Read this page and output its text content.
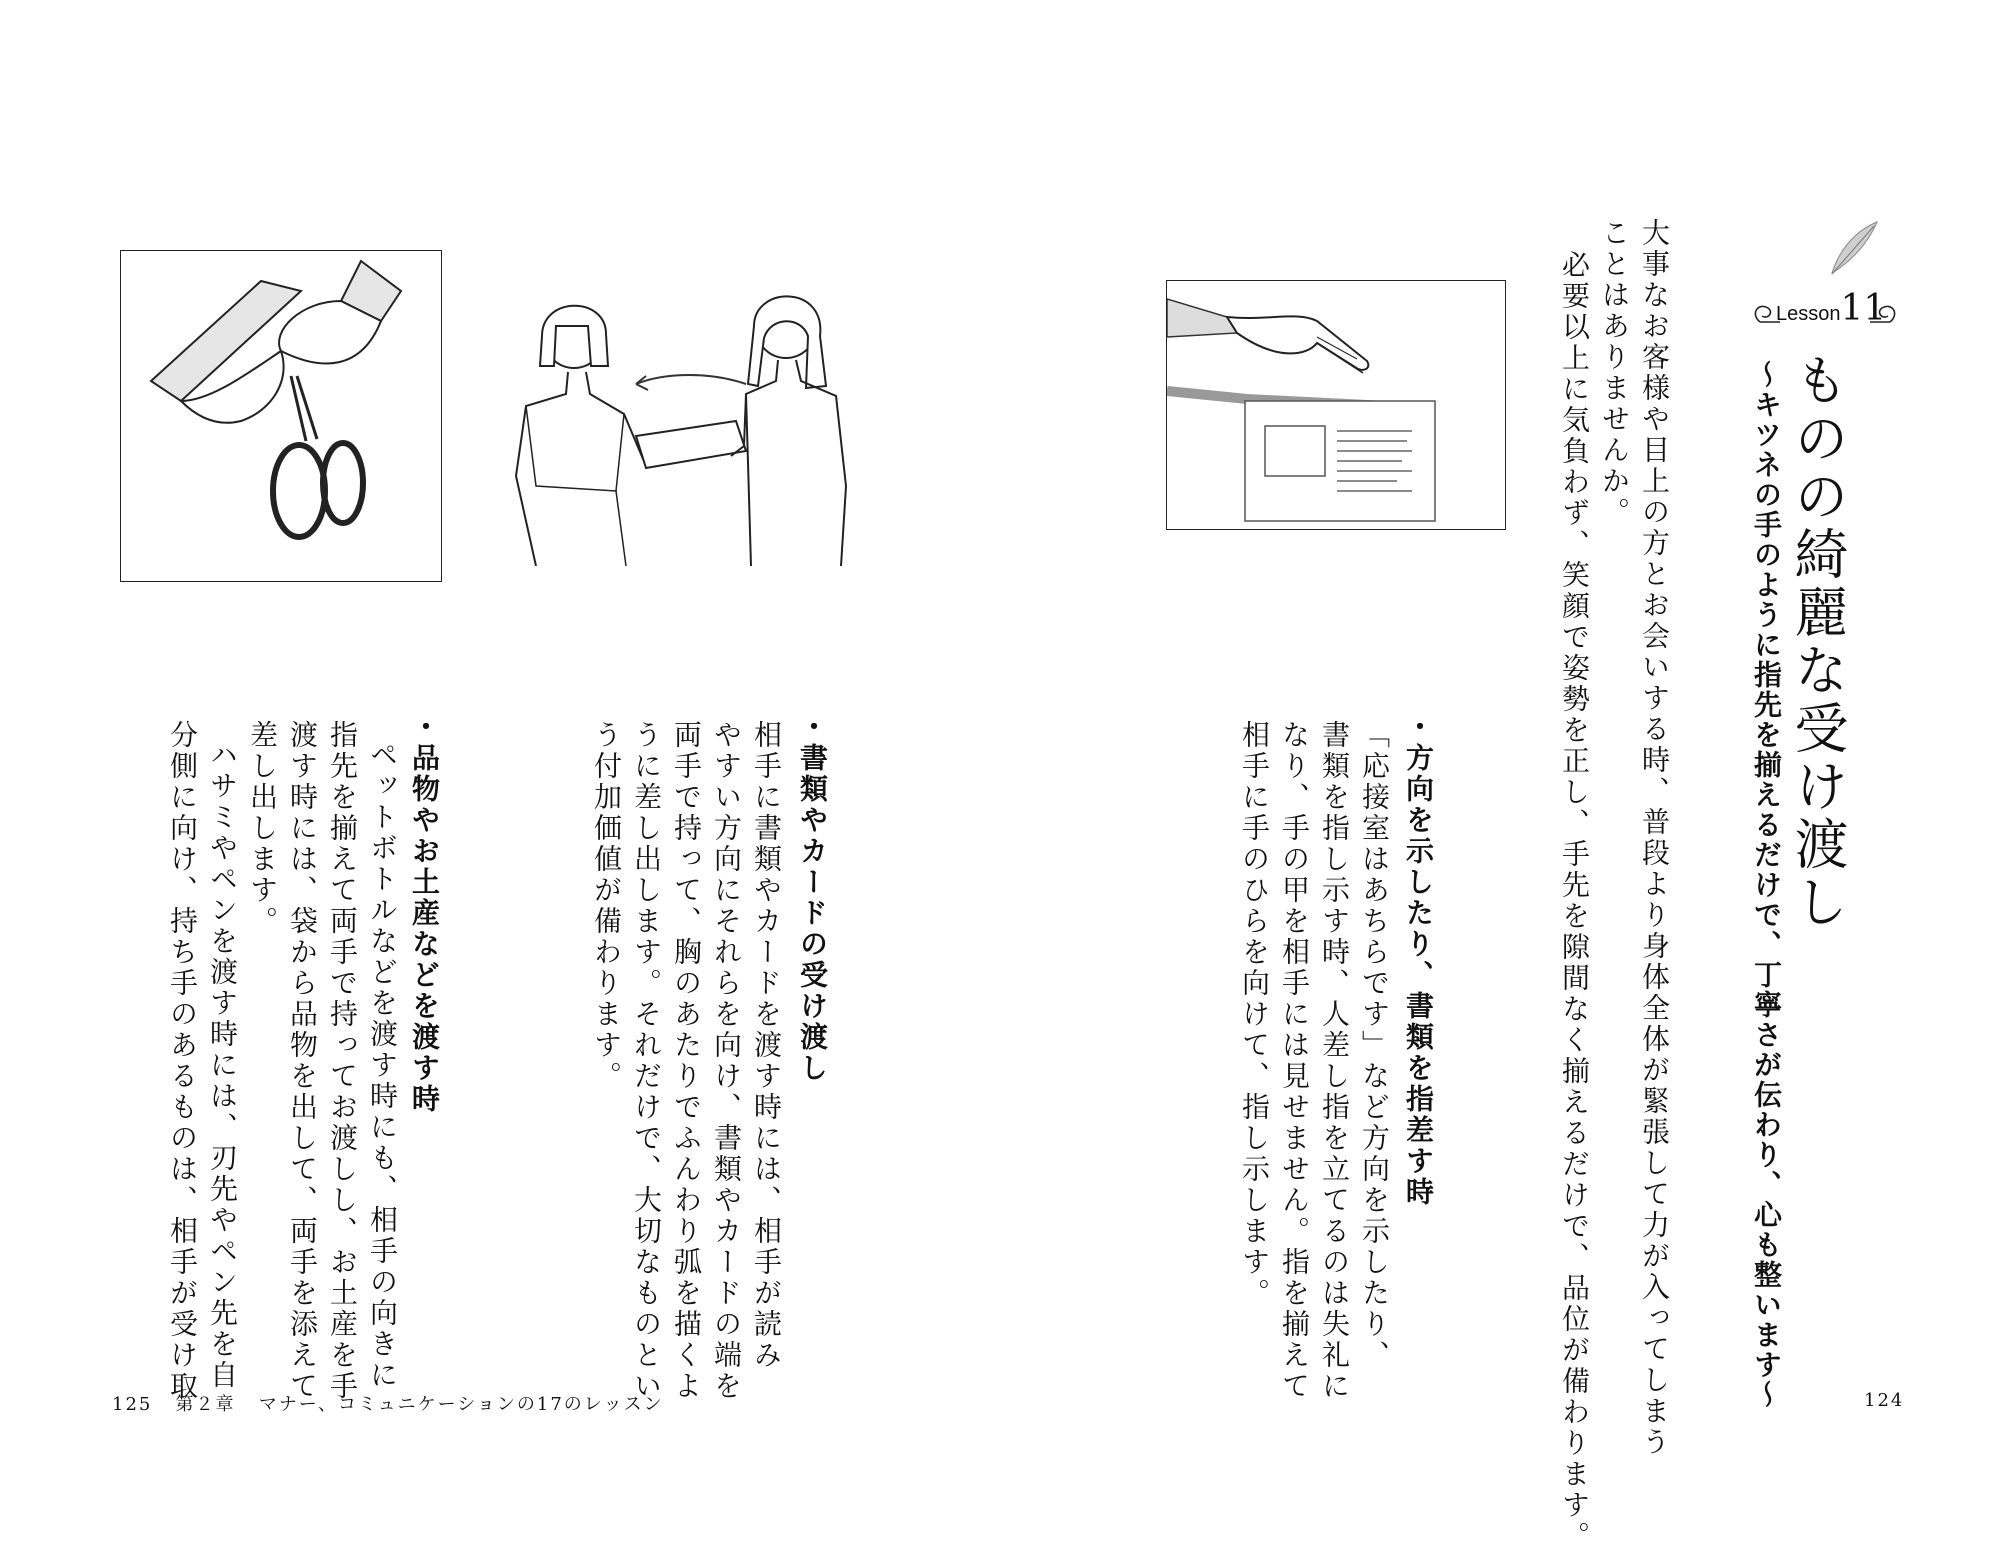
Lesson11
ものの綺麗な受け渡し
〜キツネの手のように指先を揃えるだけで、丁寧さが伝わり、心も整います〜
大事なお客様や目上の方とお会いする時、普段より身体全体が緊張して力が入ってしまう
ことはありませんか。
必要以上に気負わず、笑顔で姿勢を正し、手先を隙間なく揃えるだけで、品位が備わります。
・方向を示したり、書類を指差す時
「応接室はあちらです」など方向を示したり、
書類を指し示す時、人差し指を立てるのは失礼に
なり、手の甲を相手には見せません。指を揃えて
相手に手のひらを向けて、指し示します。
・書類やカードの受け渡し
相手に書類やカードを渡す時には、相手が読み
やすい方向にそれらを向け、書類やカードの端を
両手で持って、胸のあたりでふんわり弧を描くよ
うに差し出します。それだけで、大切なものとい
う付加価値が備わります。
・品物やお土産などを渡す時
ペットボトルなどを渡す時にも、相手の向きに
指先を揃えて両手で持ってお渡しし、お土産を手
渡す時には、袋から品物を出して、両手を添えて
差し出します。
ハサミやペンを渡す時には、刃先やペン先を自
分側に向け、持ち手のあるものは、相手が受け取
125 第２章 マナー、コミュニケーションの17のレッスン	124
